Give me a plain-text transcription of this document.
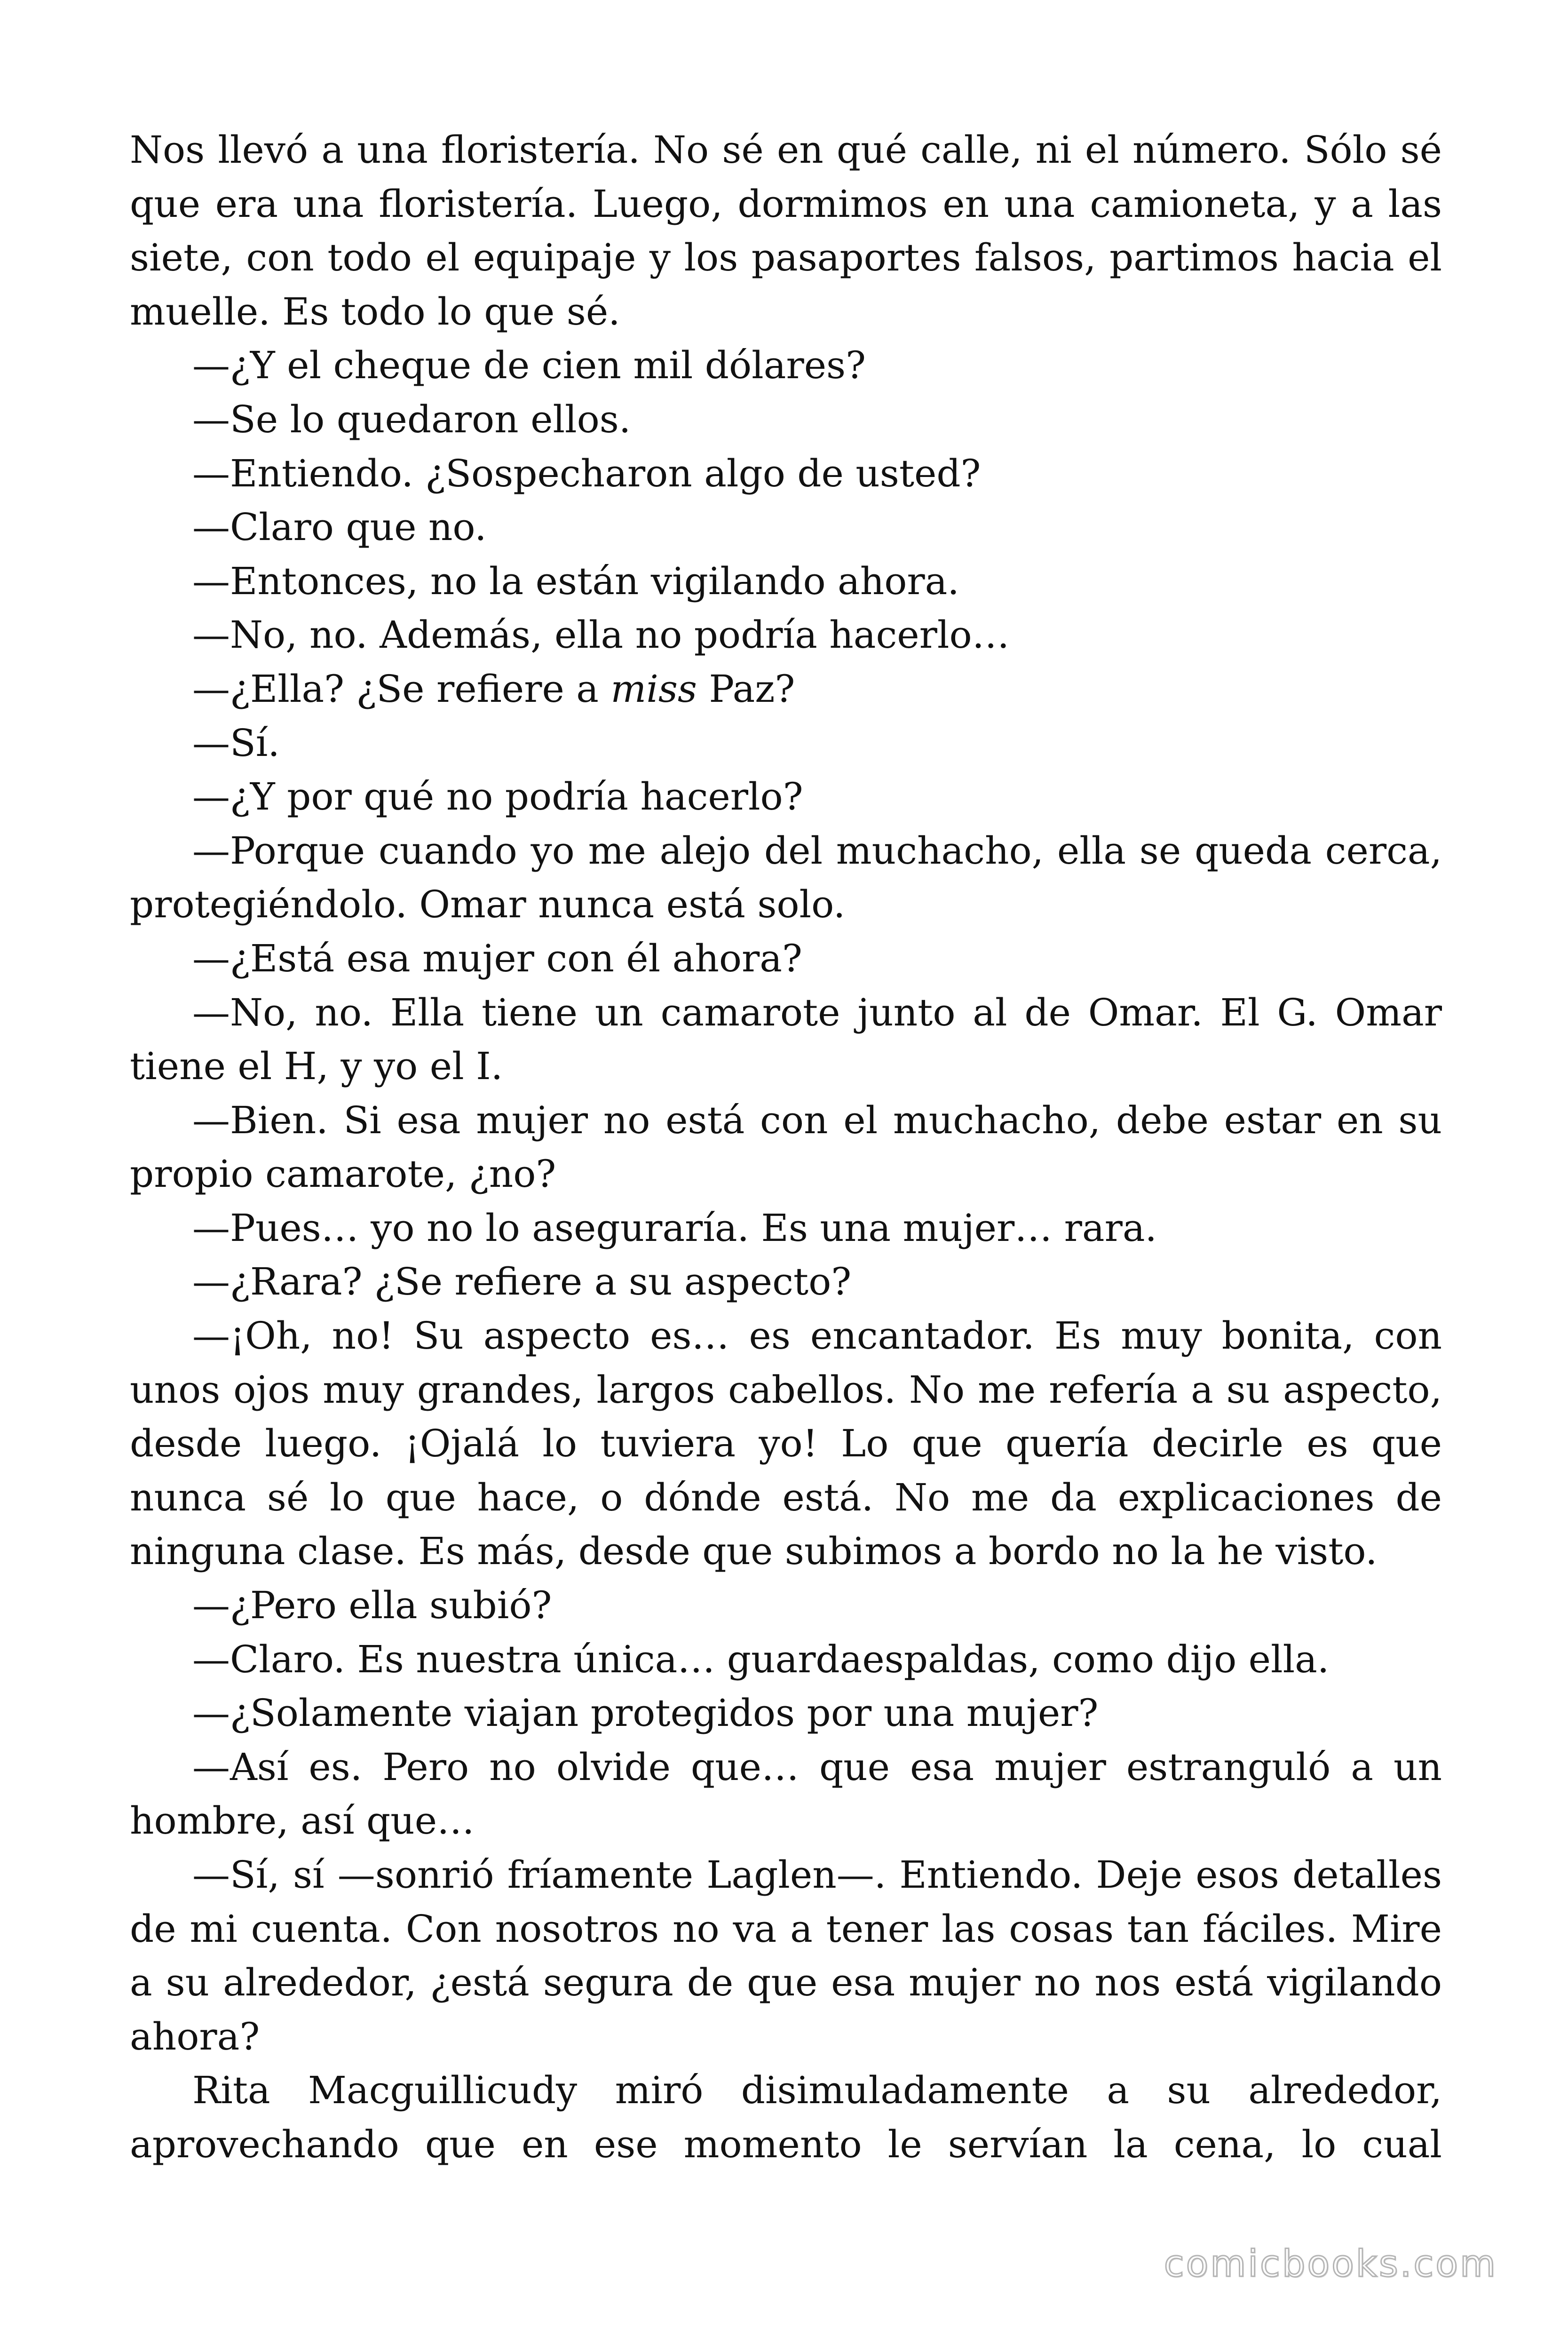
Nos llevó a una floristería. No sé en qué calle, ni el número. Sólo sé que era una floristería. Luego, dormimos en una camioneta, y a las siete, con todo el equipaje y los pasaportes falsos, partimos hacia el muelle. Es todo lo que sé.

—¿Y el cheque de cien mil dólares?

—Se lo quedaron ellos.

—Entiendo. ¿Sospecharon algo de usted?

—Claro que no.

—Entonces, no la están vigilando ahora.

—No, no. Además, ella no podría hacerlo…

—¿Ella? ¿Se refiere a miss Paz?

—Sí.

—¿Y por qué no podría hacerlo?

—Porque cuando yo me alejo del muchacho, ella se queda cerca, protegiéndolo. Omar nunca está solo.

—¿Está esa mujer con él ahora?

—No, no. Ella tiene un camarote junto al de Omar. El G. Omar tiene el H, y yo el I.

—Bien. Si esa mujer no está con el muchacho, debe estar en su propio camarote, ¿no?

—Pues… yo no lo aseguraría. Es una mujer… rara.

—¿Rara? ¿Se refiere a su aspecto?

—¡Oh, no! Su aspecto es… es encantador. Es muy bonita, con unos ojos muy grandes, largos cabellos. No me refería a su aspecto, desde luego. ¡Ojalá lo tuviera yo! Lo que quería decirle es que nunca sé lo que hace, o dónde está. No me da explicaciones de ninguna clase. Es más, desde que subimos a bordo no la he visto.

—¿Pero ella subió?

—Claro. Es nuestra única… guardaespaldas, como dijo ella.

—¿Solamente viajan protegidos por una mujer?

—Así es. Pero no olvide que… que esa mujer estranguló a un hombre, así que…

—Sí, sí —sonrió fríamente Laglen—. Entiendo. Deje esos detalles de mi cuenta. Con nosotros no va a tener las cosas tan fáciles. Mire a su alrededor, ¿está segura de que esa mujer no nos está vigilando ahora?

Rita Macguillicudy miró disimuladamente a su alrededor, aprovechando que en ese momento le servían la cena, lo cual

comicbooks.com
